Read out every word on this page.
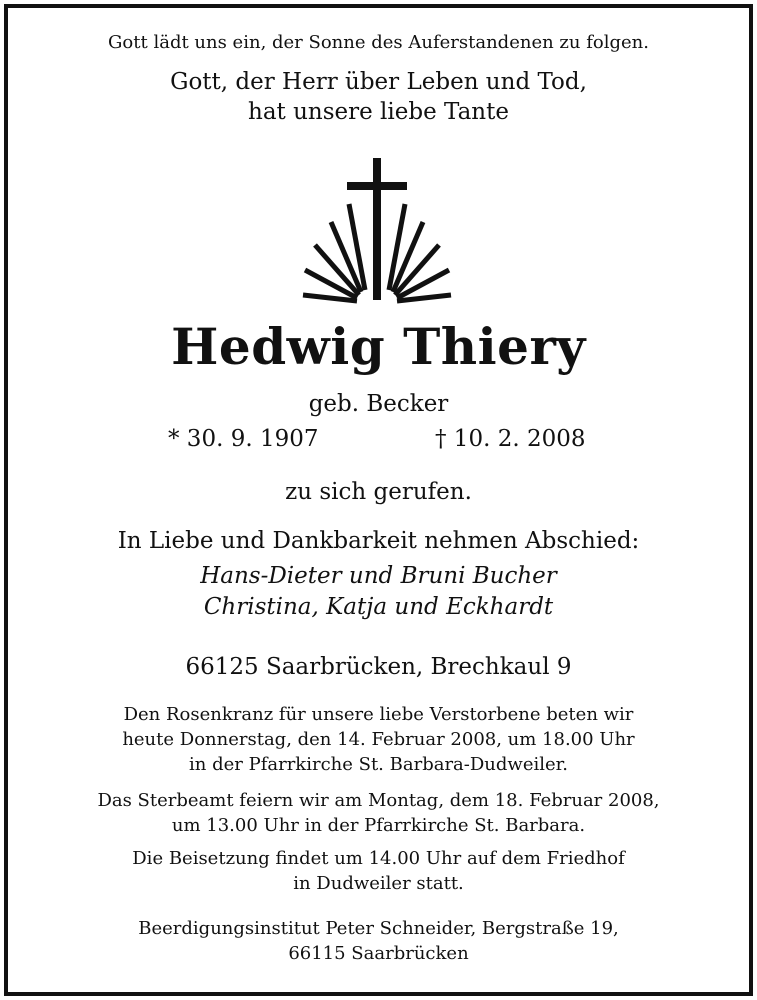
Gott lädt uns ein, der Sonne des Auferstandenen zu folgen.
Gott, der Herr über Leben und Tod,
hat unsere liebe Tante
Hedwig Thiery
geb. Becker
* 30. 9. 1907	† 10. 2. 2008
zu sich gerufen.
In Liebe und Dankbarkeit nehmen Abschied:
Hans-Dieter und Bruni Bucher
Christina, Katja und Eckhardt
66125 Saarbrücken, Brechkaul 9
Den Rosenkranz für unsere liebe Verstorbene beten wir
heute Donnerstag, den 14. Februar 2008, um 18.00 Uhr
in der Pfarrkirche St. Barbara-Dudweiler.
Das Sterbeamt feiern wir am Montag, dem 18. Februar 2008,
um 13.00 Uhr in der Pfarrkirche St. Barbara.
Die Beisetzung findet um 14.00 Uhr auf dem Friedhof
in Dudweiler statt.
Beerdigungsinstitut Peter Schneider, Bergstraße 19,
66115 Saarbrücken
